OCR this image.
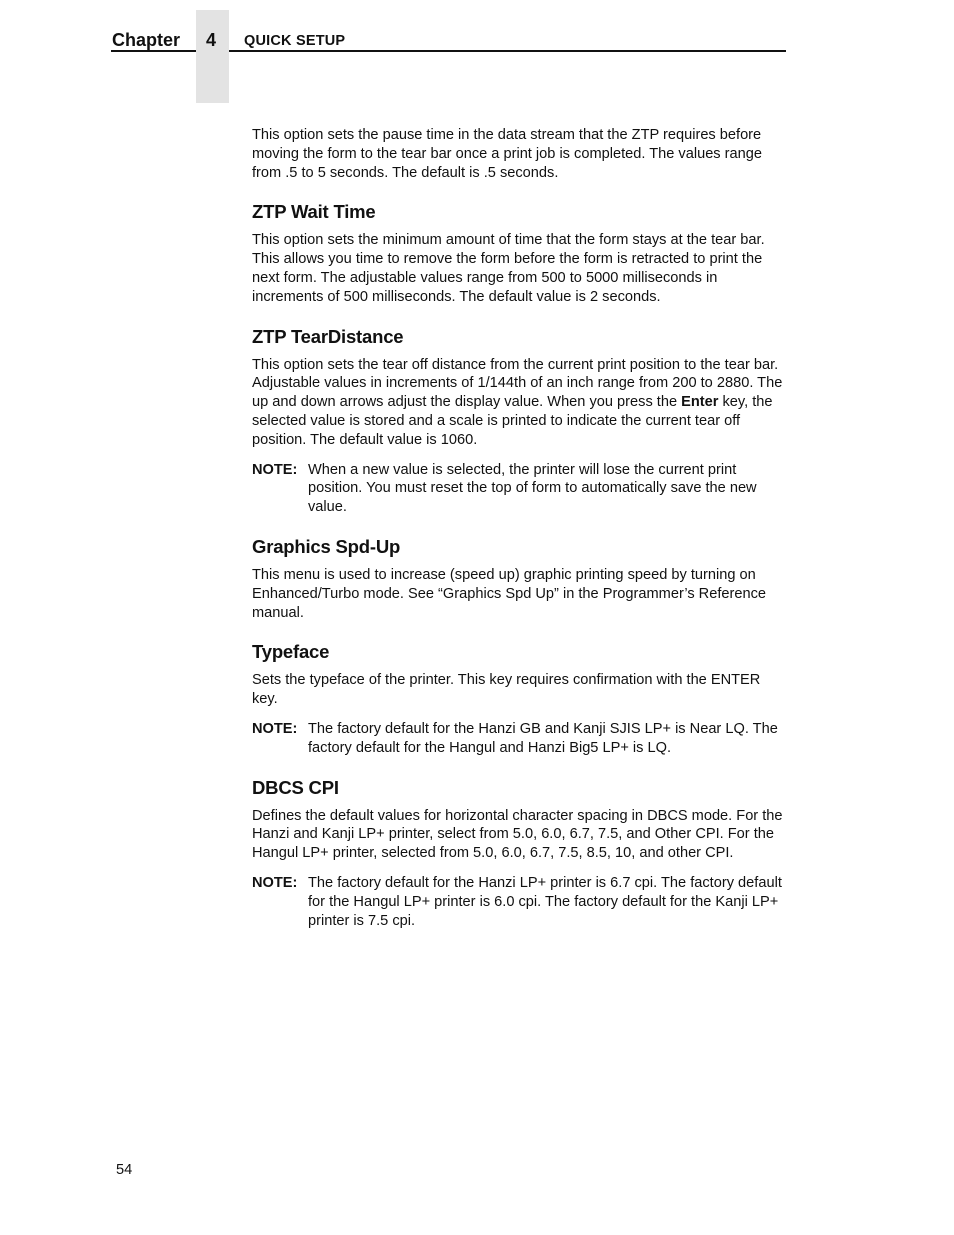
Chapter 4 QUICK SETUP

This option sets the pause time in the data stream that the ZTP requires before moving the form to the tear bar once a print job is completed. The values range from .5 to 5 seconds. The default is .5 seconds.

ZTP Wait Time

This option sets the minimum amount of time that the form stays at the tear bar. This allows you time to remove the form before the form is retracted to print the next form. The adjustable values range from 500 to 5000 milliseconds in increments of 500 milliseconds. The default value is 2 seconds.

ZTP TearDistance

This option sets the tear off distance from the current print position to the tear bar. Adjustable values in increments of 1/144th of an inch range from 200 to 2880. The up and down arrows adjust the display value. When you press the Enter key, the selected value is stored and a scale is printed to indicate the current tear off position. The default value is 1060.

NOTE: When a new value is selected, the printer will lose the current print position. You must reset the top of form to automatically save the new value.
Graphics Spd-Up

This menu is used to increase (speed up) graphic printing speed by turning on Enhanced/Turbo mode. See “Graphics Spd Up” in the Programmer’s Reference manual.

Typeface

Sets the typeface of the printer. This key requires confirmation with the ENTER key.

NOTE: The factory default for the Hanzi GB and Kanji SJIS LP+ is Near LQ. The factory default for the Hangul and Hanzi Big5 LP+ is LQ.
DBCS CPI

Defines the default values for horizontal character spacing in DBCS mode. For the Hanzi and Kanji LP+ printer, select from 5.0, 6.0, 6.7, 7.5, and Other CPI. For the Hangul LP+ printer, selected from 5.0, 6.0, 6.7, 7.5, 8.5, 10, and other CPI.

NOTE: The factory default for the Hanzi LP+ printer is 6.7 cpi. The factory default for the Hangul LP+ printer is 6.0 cpi. The factory default for the Kanji LP+ printer is 7.5 cpi.
54
